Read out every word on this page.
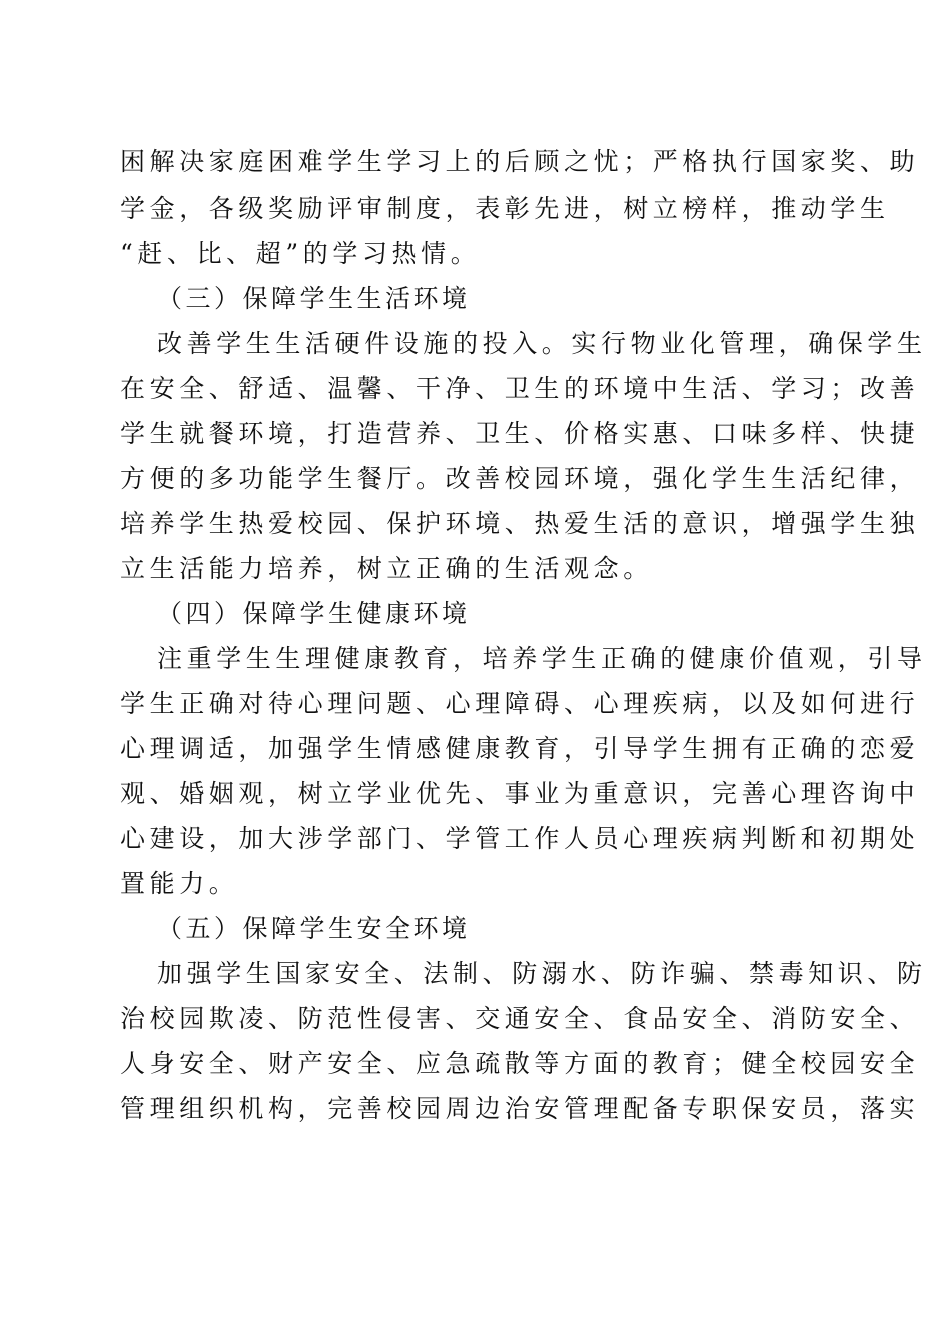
困解决家庭困难学生学习上的后顾之忧；严格执行国家奖、助
学金，各级奖励评审制度，表彰先进，树立榜样，推动学生
“赶、比、超”的学习热情。
（三）保障学生生活环境
改善学生生活硬件设施的投入。实行物业化管理，确保学生
在安全、舒适、温馨、干净、卫生的环境中生活、学习；改善
学生就餐环境，打造营养、卫生、价格实惠、口味多样、快捷
方便的多功能学生餐厅。改善校园环境，强化学生生活纪律，
培养学生热爱校园、保护环境、热爱生活的意识，增强学生独
立生活能力培养，树立正确的生活观念。
（四）保障学生健康环境
注重学生生理健康教育，培养学生正确的健康价值观，引导
学生正确对待心理问题、心理障碍、心理疾病，以及如何进行
心理调适，加强学生情感健康教育，引导学生拥有正确的恋爱
观、婚姻观，树立学业优先、事业为重意识，完善心理咨询中
心建设，加大涉学部门、学管工作人员心理疾病判断和初期处
置能力。
（五）保障学生安全环境
加强学生国家安全、法制、防溺水、防诈骗、禁毒知识、防
治校园欺凌、防范性侵害、交通安全、食品安全、消防安全、
人身安全、财产安全、应急疏散等方面的教育；健全校园安全
管理组织机构，完善校园周边治安管理配备专职保安员，落实
